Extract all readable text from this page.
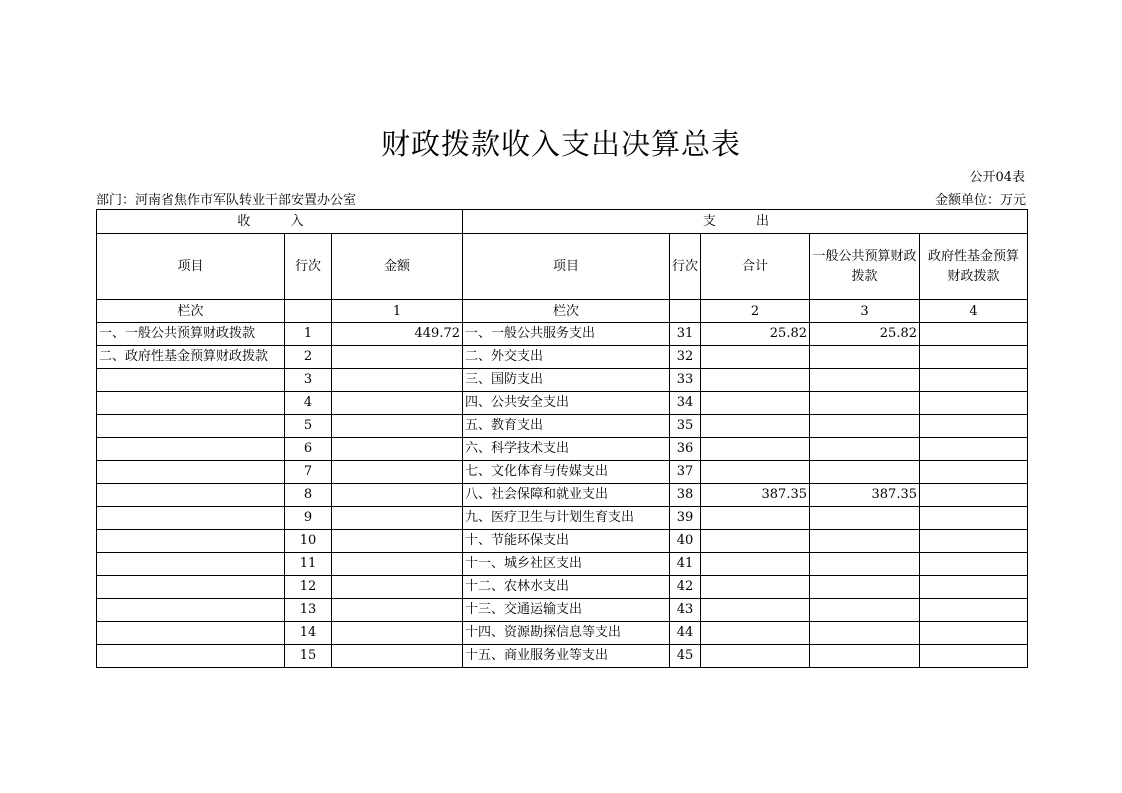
财政拨款收入支出决算总表
公开04表
部门：河南省焦作市军队转业干部安置办公室	金额单位：万元
收 入			支 出				
项目	行次	金额	项目	行次	合计	一般公共预算财政拨款	政府性基金预算财政拨款
栏次		1	栏次		2	3	4
一、一般公共预算财政拨款	1	449.72	一、一般公共服务支出	31	25.82	25.82	
二、政府性基金预算财政拨款	2		二、外交支出	32			
	3		三、国防支出	33			
	4		四、公共安全支出	34			
	5		五、教育支出	35			
	6		六、科学技术支出	36			
	7		七、文化体育与传媒支出	37			
	8		八、社会保障和就业支出	38	387.35	387.35	
	9		九、医疗卫生与计划生育支出	39			
	10		十、节能环保支出	40			
	11		十一、城乡社区支出	41			
	12		十二、农林水支出	42			
	13		十三、交通运输支出	43			
	14		十四、资源勘探信息等支出	44			
	15		十五、商业服务业等支出	45			
